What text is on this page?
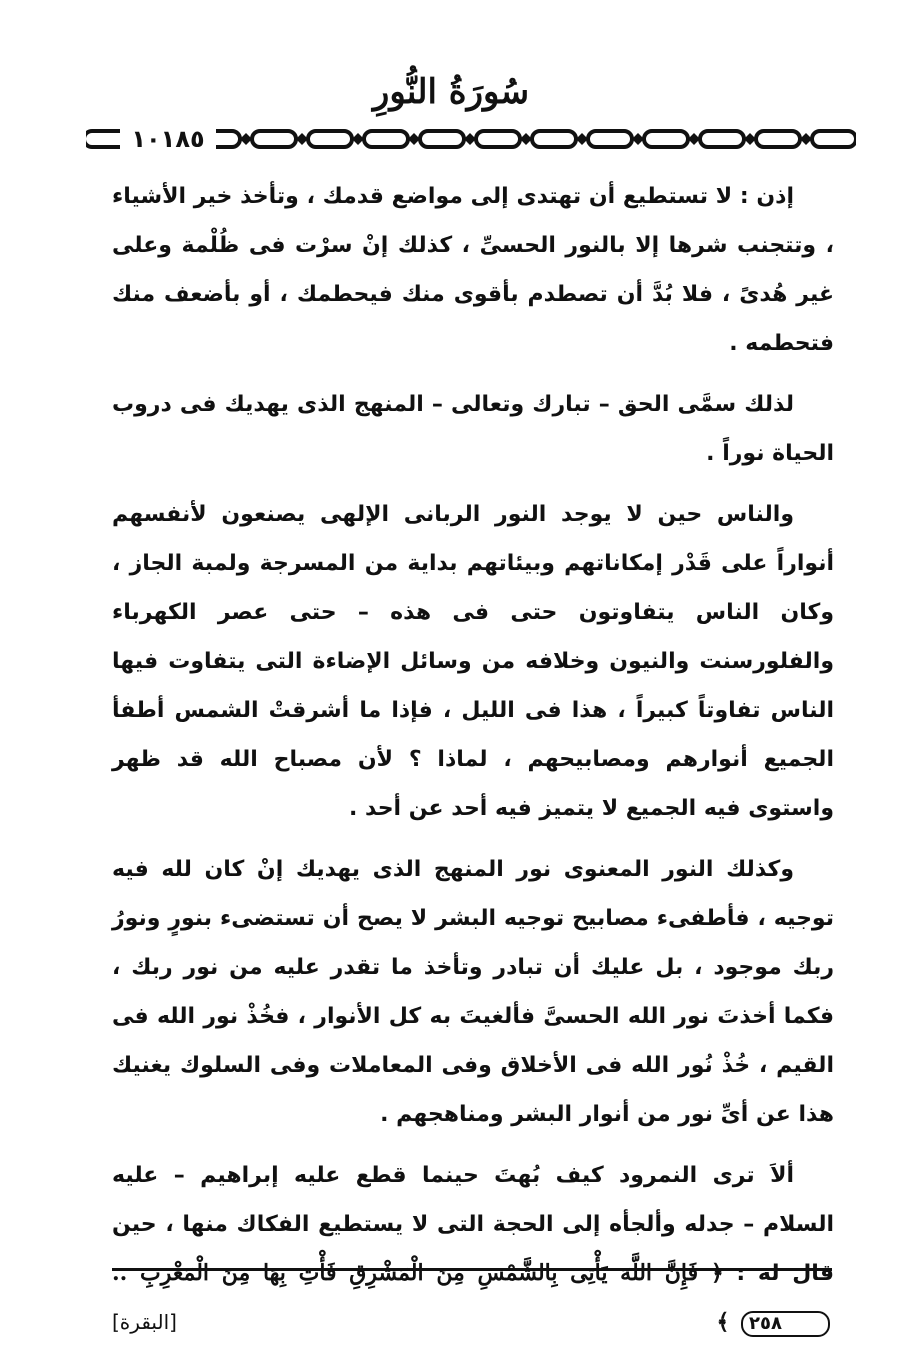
سُورَةُ النُّورِ
١٠١٨٥

إذن : لا تستطيع أن تهتدى إلى مواضع قدمك ، وتأخذ خير الأشياء ، وتتجنب شرها إلا بالنور الحسىِّ ، كذلك إنْ سرْت فى ظُلْمة وعلى غير هُدىً ، فلا بُدَّ أن تصطدم بأقوى منك فيحطمك ، أو بأضعف منك فتحطمه .

لذلك سمَّى الحق – تبارك وتعالى – المنهج الذى يهديك فى دروب الحياة نوراً .

والناس حين لا يوجد النور الربانى الإلهى يصنعون لأنفسهم أنواراً على قَدْر إمكاناتهم وبيئاتهم بداية من المسرجة ولمبة الجاز ، وكان الناس يتفاوتون حتى فى هذه – حتى عصر الكهرباء والفلورسنت والنيون وخلافه من وسائل الإضاءة التى يتفاوت فيها الناس تفاوتاً كبيراً ، هذا فى الليل ، فإذا ما أشرقتْ الشمس أطفأ الجميع أنوارهم ومصابيحهم ، لماذا ؟ لأن مصباح الله قد ظهر واستوى فيه الجميع لا يتميز فيه أحد عن أحد .

وكذلك النور المعنوى نور المنهج الذى يهديك إنْ كان لله فيه توجيه ، فأطفىء مصابيح توجيه البشر لا يصح أن تستضىء بنورٍ ونورُ ربك موجود ، بل عليك أن تبادر وتأخذ ما تقدر عليه من نور ربك ، فكما أخذتَ نور الله الحسىَّ فألغيتَ به كل الأنوار ، فخُذْ نور الله فى القيم ، خُذْ نُور الله فى الأخلاق وفى المعاملات وفى السلوك يغنيك هذا عن أىِّ نور من أنوار البشر ومناهجهم .

ألاَ ترى النمرود كيف بُهتَ حينما قطع عليه إبراهيم – عليه السلام – جدله وألجأه إلى الحجة التى لا يستطيع الفكاك منها ، حين قال له : ﴿ فَإِنَّ اللَّهَ يَأْتِى بِالشَّمْسِ مِنَ الْمَشْرِقِ فَأْتِ بِهَا مِنَ الْمَغْرِبِ .. ٢٥٨ ﴾
[البقرة]
